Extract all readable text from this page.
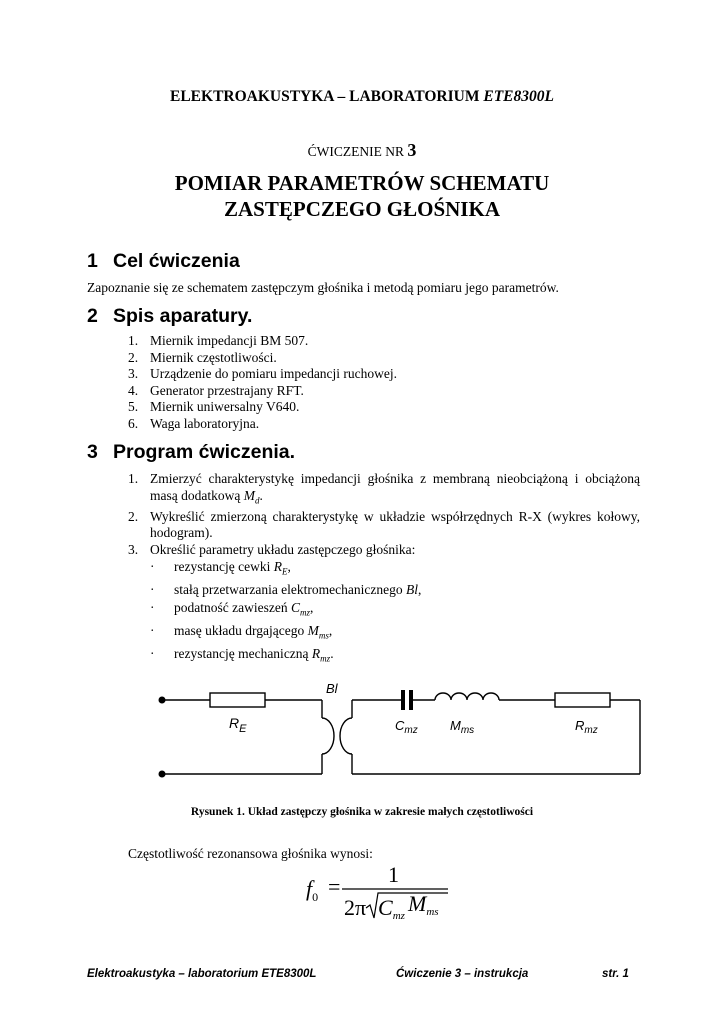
ELEKTROAKUSTYKA – LABORATORIUM ETE8300L
ĆWICZENIE NR 3
POMIAR PARAMETRÓW SCHEMATU
ZASTĘPCZEGO GŁOŚNIKA
1 Cel ćwiczenia
Zapoznanie się ze schematem zastępczym głośnika i metodą pomiaru jego parametrów.
2 Spis aparatury.
1. Miernik impedancji BM 507.
2. Miernik częstotliwości.
3. Urządzenie do pomiaru impedancji ruchowej.
4. Generator przestrajany RFT.
5. Miernik uniwersalny V640.
6. Waga laboratoryjna.
3 Program ćwiczenia.
1. Zmierzyć charakterystykę impedancji głośnika z membraną nieobciążoną i obciążoną masą dodatkową $M_d$.
2. Wykreślić zmierzoną charakterystykę w układzie współrzędnych R-X (wykres kołowy, hodogram).
3. Określić parametry układu zastępczego głośnika:
· rezystancję cewki $R_E$,
· stałą przetwarzania elektromechanicznego Bl,
· podatność zawieszeń $C_{mz}$,
· masę układu drgającego $M_{ms}$,
· rezystancję mechaniczną $R_{mz}$.
$R_E$
Bl
$C_{mz}$ $M_{ms}$	$R_{mz}$
Rysunek 1. Układ zastępczy głośnika w zakresie małych częstotliwości
Częstotliwość rezonansowa głośnika wynosi:
$f_0 = 1$
2π Cmz Mms
Elektroakustyka – laboratorium ETE8300L	Ćwiczenie 3 – instrukcja	str. 1
